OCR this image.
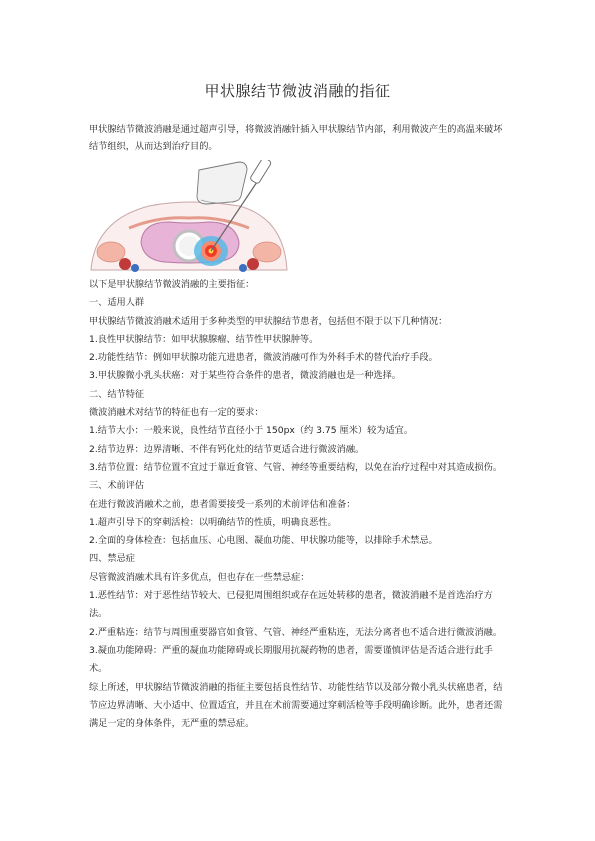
甲状腺结节微波消融的指征
甲状腺结节微波消融是通过超声引导，将微波消融针插入甲状腺结节内部，利用微波产生的高温来破坏结节组织，从而达到治疗目的。

以下是甲状腺结节微波消融的主要指征：

一、适用人群

甲状腺结节微波消融术适用于多种类型的甲状腺结节患者，包括但不限于以下几种情况：

1.良性甲状腺结节：如甲状腺腺瘤、结节性甲状腺肿等。

2.功能性结节：例如甲状腺功能亢进患者，微波消融可作为外科手术的替代治疗手段。

3.甲状腺微小乳头状癌：对于某些符合条件的患者，微波消融也是一种选择。

二、结节特征

微波消融术对结节的特征也有一定的要求：

1.结节大小：一般来说，良性结节直径小于 150px（约 3.75 厘米）较为适宜。

2.结节边界：边界清晰、不伴有钙化灶的结节更适合进行微波消融。

3.结节位置：结节位置不宜过于靠近食管、气管、神经等重要结构，以免在治疗过程中对其造成损伤。

三、术前评估

在进行微波消融术之前，患者需要接受一系列的术前评估和准备：

1.超声引导下的穿刺活检：以明确结节的性质，明确良恶性。

2.全面的身体检查：包括血压、心电图、凝血功能、甲状腺功能等，以排除手术禁忌。

四、禁忌症

尽管微波消融术具有许多优点，但也存在一些禁忌症：

1.恶性结节：对于恶性结节较大、已侵犯周围组织或存在远处转移的患者，微波消融不是首选治疗方法。

2.严重粘连：结节与周围重要器官如食管、气管、神经严重粘连，无法分离者也不适合进行微波消融。

3.凝血功能障碍：严重的凝血功能障碍或长期服用抗凝药物的患者，需要谨慎评估是否适合进行此手术。

综上所述，甲状腺结节微波消融的指征主要包括良性结节、功能性结节以及部分微小乳头状癌患者，结节应边界清晰、大小适中、位置适宜，并且在术前需要通过穿刺活检等手段明确诊断。此外，患者还需满足一定的身体条件，无严重的禁忌症。
